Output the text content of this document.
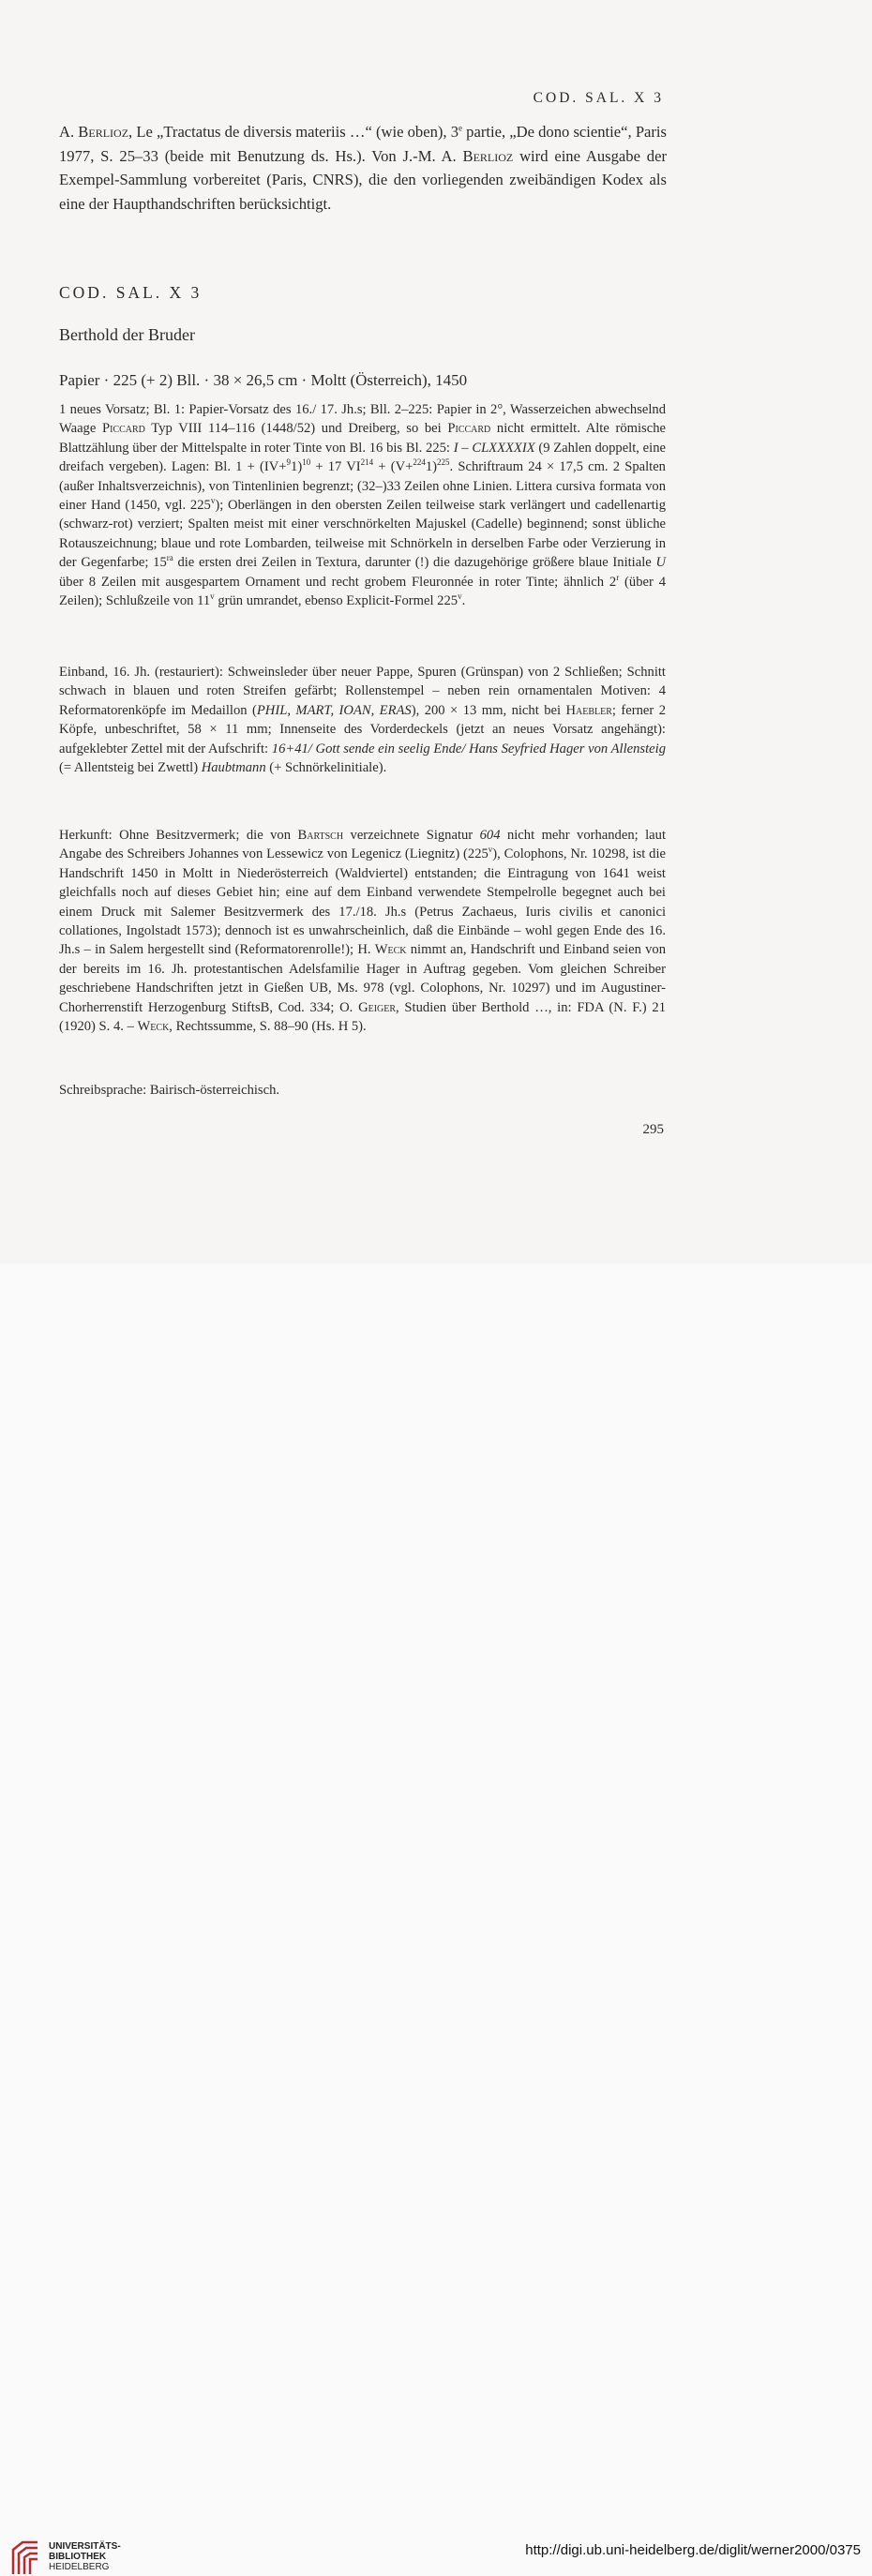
COD. SAL. X 3
A. Berlioz, Le „Tractatus de diversis materiis …“ (wie oben), 3e partie, „De dono scientie“, Paris 1977, S. 25–33 (beide mit Benutzung ds. Hs.). Von J.-M. A. Berlioz wird eine Ausgabe der Exempel-Sammlung vorbereitet (Paris, CNRS), die den vorliegenden zweibändigen Kodex als eine der Haupthandschriften berücksichtigt.
COD. SAL. X 3
Berthold der Bruder
Papier · 225 (+ 2) Bll. · 38 × 26,5 cm · Moltt (Österreich), 1450
1 neues Vorsatz; Bl. 1: Papier-Vorsatz des 16./ 17. Jh.s; Bll. 2–225: Papier in 2°, Wasserzeichen abwechselnd Waage Piccard Typ VIII 114–116 (1448/52) und Dreiberg, so bei Piccard nicht ermittelt. Alte römische Blattzählung über der Mittelspalte in roter Tinte von Bl. 16 bis Bl. 225: I – CLXXXXIX (9 Zahlen doppelt, eine dreifach vergeben). Lagen: Bl. $1 + (IV+^91)^{10} + 17$ $VI^{214} + (V+^{224}1)^{225}$. Schriftraum 24 × 17,5 cm. 2 Spalten (außer Inhaltsverzeichnis), von Tintenlinien begrenzt; (32–)33 Zeilen ohne Linien. Littera cursiva formata von einer Hand (1450, vgl. 225$^v$); Oberlängen in den obersten Zeilen teilweise stark verlängert und cadellenartig (schwarz-rot) verziert; Spalten meist mit einer verschnörkelten Majuskel (Cadelle) beginnend; sonst übliche Rotauszeichnung; blaue und rote Lombarden, teilweise mit Schnörkeln in derselben Farbe oder Verzierung in der Gegenfarbe; $15^{ra}$ die ersten drei Zeilen in Textura, darunter (!) die dazugehörige größere blaue Initiale U über 8 Zeilen mit ausgespartem Ornament und recht grobem Fleuronnée in roter Tinte; ähnlich 2$^r$ (über 4 Zeilen); Schlußzeile von 11$^v$ grün umrandet, ebenso Explicit-Formel 225$^v$.
Einband, 16. Jh. (restauriert): Schweinsleder über neuer Pappe, Spuren (Grünspan) von 2 Schließen; Schnitt schwach in blauen und roten Streifen gefärbt; Rollenstempel – neben rein ornamentalen Motiven: 4 Reformatorenköpfe im Medaillon (PHIL, MART, IOAN, ERAS), 200 × 13 mm, nicht bei Haebler; ferner 2 Köpfe, unbeschriftet, 58 × 11 mm; Innenseite des Vorderdeckels (jetzt an neues Vorsatz angehängt): aufgeklebter Zettel mit der Aufschrift: 16+41/ Gott sende ein seelig Ende/ Hans Seyfried Hager von Allensteig (= Allentsteig bei Zwettl) Haubtmann (+ Schnörkelinitiale).
Herkunft: Ohne Besitzvermerk; die von Bartsch verzeichnete Signatur 604 nicht mehr vorhanden; laut Angabe des Schreibers Johannes von Lessewicz von Legenicz (Liegnitz) (225$^v$), Colophons, Nr. 10298, ist die Handschrift 1450 in Moltt in Niederösterreich (Waldviertel) entstanden; die Eintragung von 1641 weist gleichfalls noch auf dieses Gebiet hin; eine auf dem Einband verwendete Stempelrolle begegnet auch bei einem Druck mit Salemer Besitzvermerk des 17./18. Jh.s (Petrus Zachaeus, Iuris civilis et canonici collationes, Ingolstadt 1573); dennoch ist es unwahrscheinlich, daß die Einbände – wohl gegen Ende des 16. Jh.s – in Salem hergestellt sind (Reformatorenrolle!); H. Weck nimmt an, Handschrift und Einband seien von der bereits im 16. Jh. protestantischen Adelsfamilie Hager in Auftrag gegeben. Vom gleichen Schreiber geschriebene Handschriften jetzt in Gießen UB, Ms. 978 (vgl. Colophons, Nr. 10297) und im Augustiner-Chorherrenstift Herzogenburg StiftsB, Cod. 334; O. Geiger, Studien über Berthold …, in: FDA (N. F.) 21 (1920) S. 4. – Weck, Rechtssumme, S. 88–90 (Hs. H 5).
Schreibsprache: Bairisch-österreichisch.
295
UNIVERSITÄTS-
BIBLIOTHEK
HEIDELBERG
http://digi.ub.uni-heidelberg.de/diglit/werner2000/0375
